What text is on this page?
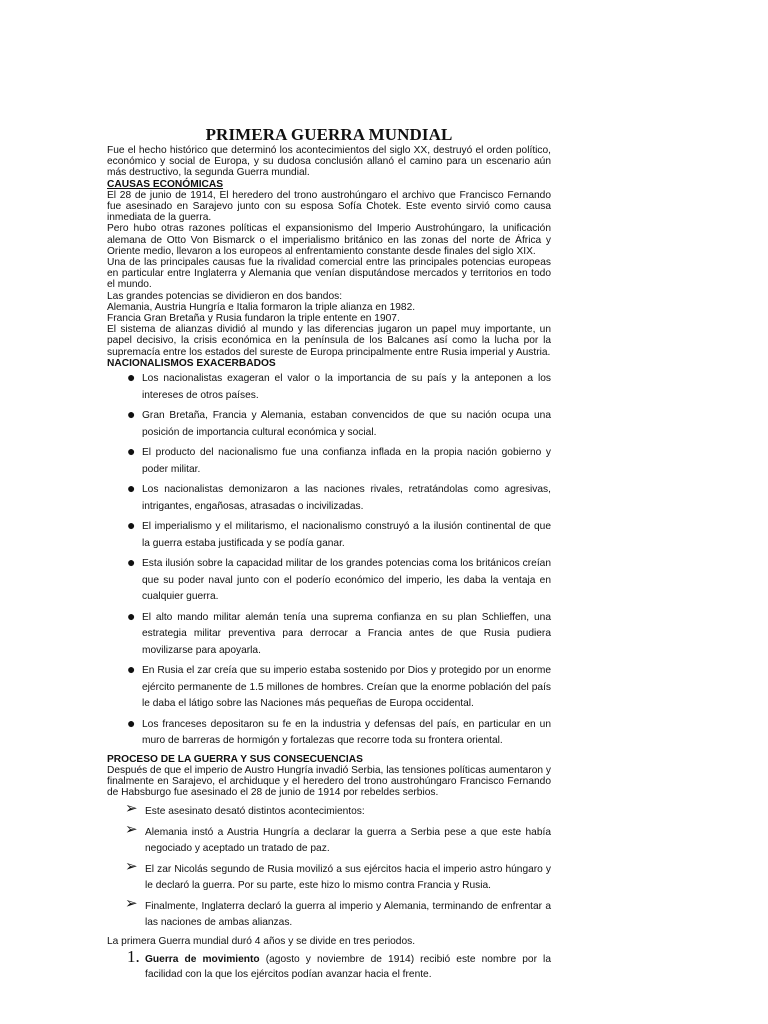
PRIMERA GUERRA MUNDIAL

Fue el hecho histórico que determinó los acontecimientos del siglo XX, destruyó el orden político, económico y social de Europa, y su dudosa conclusión allanó el camino para un escenario aún más destructivo, la segunda Guerra mundial.

CAUSAS ECONÓMICAS

El 28 de junio de 1914, El heredero del trono austrohúngaro el archivo que Francisco Fernando fue asesinado en Sarajevo junto con su esposa Sofía Chotek. Este evento sirvió como causa inmediata de la guerra.

Pero hubo otras razones políticas el expansionismo del Imperio Austrohúngaro, la unificación alemana de Otto Von Bismarck o el imperialismo británico en las zonas del norte de África y Oriente medio, llevaron a los europeos al enfrentamiento constante desde finales del siglo XIX.

Una de las principales causas fue la rivalidad comercial entre las principales potencias europeas en particular entre Inglaterra y Alemania que venían disputándose mercados y territorios en todo el mundo.

Las grandes potencias se dividieron en dos bandos:

Alemania, Austria Hungría e Italia formaron la triple alianza en 1982.

Francia Gran Bretaña y Rusia fundaron la triple entente en 1907.

El sistema de alianzas dividió al mundo y las diferencias jugaron un papel muy importante, un papel decisivo, la crisis económica en la península de los Balcanes así como la lucha por la supremacía entre los estados del sureste de Europa principalmente entre Rusia imperial y Austria.

NACIONALISMOS EXACERBADOS
● Los nacionalistas exageran el valor o la importancia de su país y la anteponen a los intereses de otros países.
● Gran Bretaña, Francia y Alemania, estaban convencidos de que su nación ocupa una posición de importancia cultural económica y social.
● El producto del nacionalismo fue una confianza inflada en la propia nación gobierno y poder militar.
● Los nacionalistas demonizaron a las naciones rivales, retratándolas como agresivas, intrigantes, engañosas, atrasadas o incivilizadas.
● El imperialismo y el militarismo, el nacionalismo construyó a la ilusión continental de que la guerra estaba justificada y se podía ganar.
● Esta ilusión sobre la capacidad militar de los grandes potencias coma los británicos creían que su poder naval junto con el poderío económico del imperio, les daba la ventaja en cualquier guerra.
● El alto mando militar alemán tenía una suprema confianza en su plan Schlieffen, una estrategia militar preventiva para derrocar a Francia antes de que Rusia pudiera movilizarse para apoyarla.
● En Rusia el zar creía que su imperio estaba sostenido por Dios y protegido por un enorme ejército permanente de 1.5 millones de hombres. Creían que la enorme población del país le daba el látigo sobre las Naciones más pequeñas de Europa occidental.
● Los franceses depositaron su fe en la industria y defensas del país, en particular en un muro de barreras de hormigón y fortalezas que recorre toda su frontera oriental.
PROCESO DE LA GUERRA Y SUS CONSECUENCIAS

Después de que el imperio de Austro Hungría invadió Serbia, las tensiones políticas aumentaron y finalmente en Sarajevo, el archiduque y el heredero del trono austrohúngaro Francisco Fernando de Habsburgo fue asesinado el 28 de junio de 1914 por rebeldes serbios.

➢ Este asesinato desató distintos acontecimientos:
➢ Alemania instó a Austria Hungría a declarar la guerra a Serbia pese a que este había negociado y aceptado un tratado de paz.
➢ El zar Nicolás segundo de Rusia movilizó a sus ejércitos hacia el imperio astro húngaro y le declaró la guerra. Por su parte, este hizo lo mismo contra Francia y Rusia.
➢ Finalmente, Inglaterra declaró la guerra al imperio y Alemania, terminando de enfrentar a las naciones de ambas alianzas.

La primera Guerra mundial duró 4 años y se divide en tres periodos.

1. Guerra de movimiento (agosto y noviembre de 1914) recibió este nombre por la facilidad con la que los ejércitos podían avanzar hacia el frente.
